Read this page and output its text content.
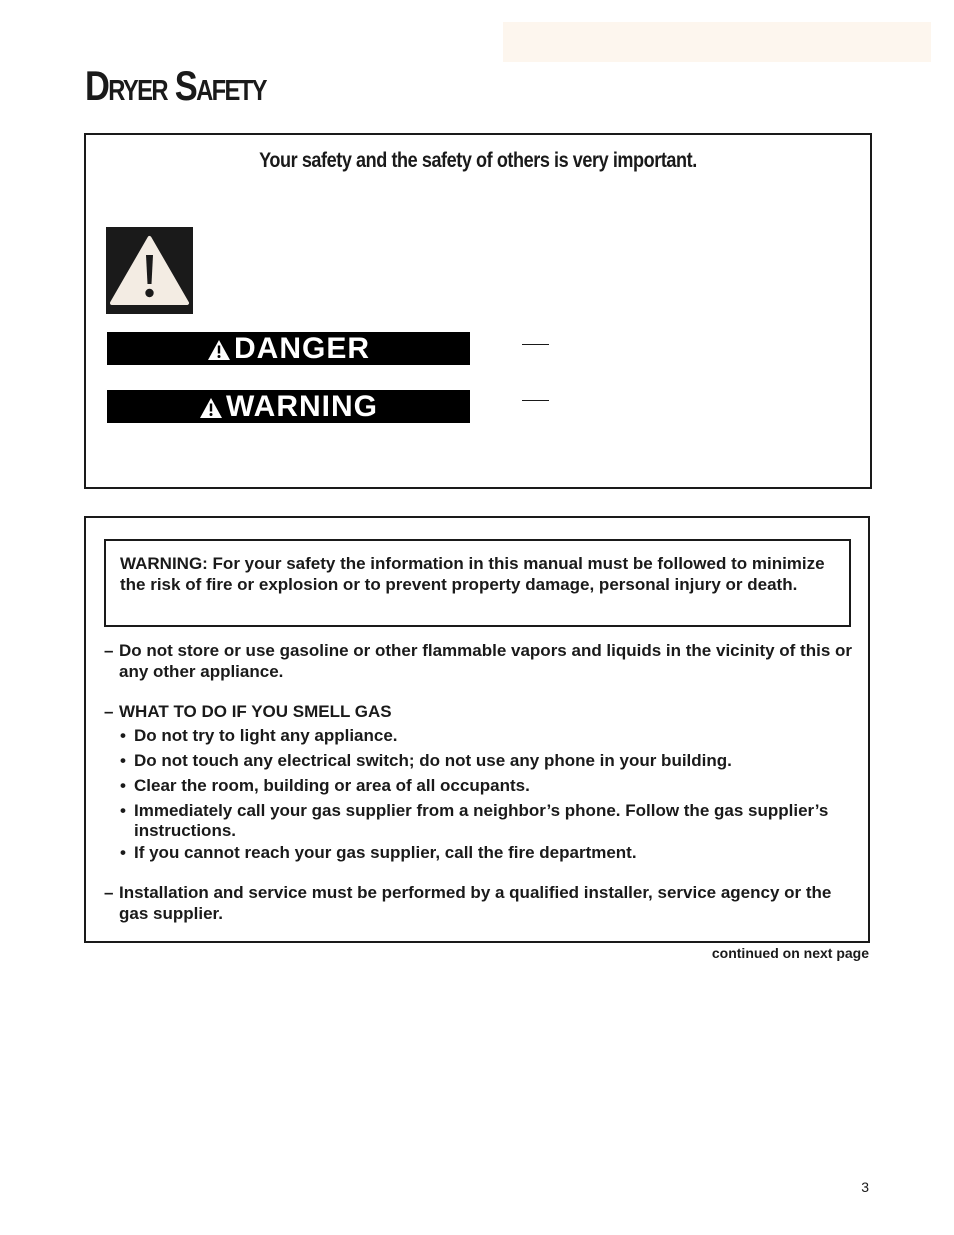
Dryer Safety
Your safety and the safety of others is very important.
DANGER
WARNING
WARNING: For your safety the information in this manual must be followed to minimize the risk of fire or explosion or to prevent property damage, personal injury or death.
– Do not store or use gasoline or other flammable vapors and liquids in the vicinity of this or any other appliance.
– WHAT TO DO IF YOU SMELL GAS
• Do not try to light any appliance.
• Do not touch any electrical switch; do not use any phone in your building.
• Clear the room, building or area of all occupants.
• Immediately call your gas supplier from a neighbor’s phone. Follow the gas supplier’s instructions.
• If you cannot reach your gas supplier, call the fire department.
– Installation and service must be performed by a qualified installer, service agency or the gas supplier.
continued on next page
3
